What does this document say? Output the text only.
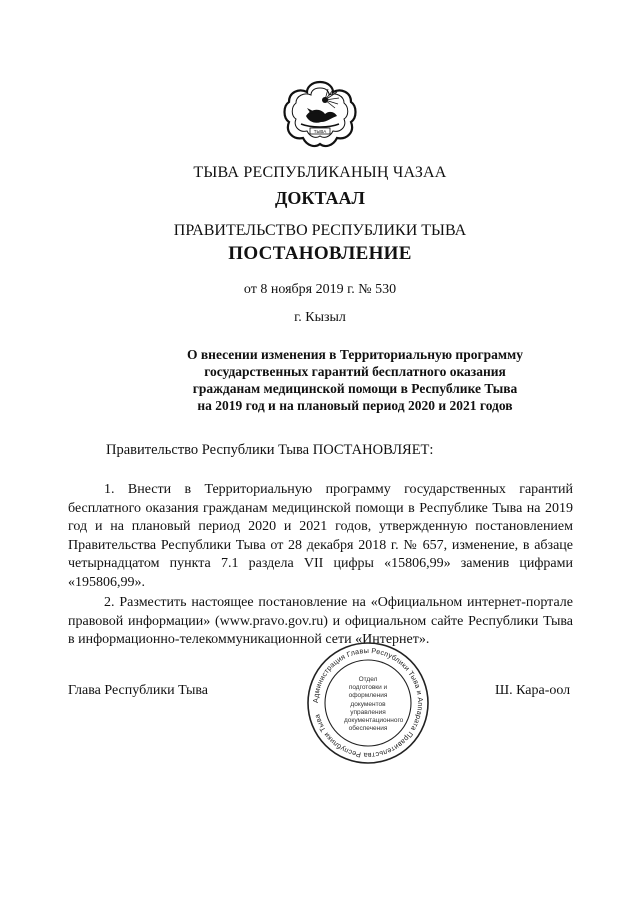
ТЫВА
ТЫВА РЕСПУБЛИКАНЫҢ ЧАЗАА
ДОКТААЛ
ПРАВИТЕЛЬСТВО РЕСПУБЛИКИ ТЫВА
ПОСТАНОВЛЕНИЕ
от 8 ноября 2019 г. № 530
г. Кызыл
О внесении изменения в Территориальную программу
государственных гарантий бесплатного оказания
гражданам медицинской помощи в Республике Тыва
на 2019 год и на плановый период 2020 и 2021 годов
Правительство Республики Тыва ПОСТАНОВЛЯЕТ:

1. Внести в Территориальную программу государственных гарантий бесплатного оказания гражданам медицинской помощи в Республике Тыва на 2019 год и на плановый период 2020 и 2021 годов, утвержденную постановлением Правительства Республики Тыва от 28 декабря 2018 г. № 657, изменение, в абзаце четырнадцатом пункта 7.1 раздела VII цифры «15806,99» заменив цифрами «195806,99».

2. Разместить настоящее постановление на «Официальном интернет-портале правовой информации» (www.pravo.gov.ru) и официальном сайте Республики Тыва в информационно-телекоммуникационной сети «Интернет».

Глава Республики Тыва
Администрация Главы Республики Тыва и Аппарата Правительства Республики Тыва
Отдел
подготовки и
оформления документов
управления
документационного
обеспечения
Ш. Кара-оол
